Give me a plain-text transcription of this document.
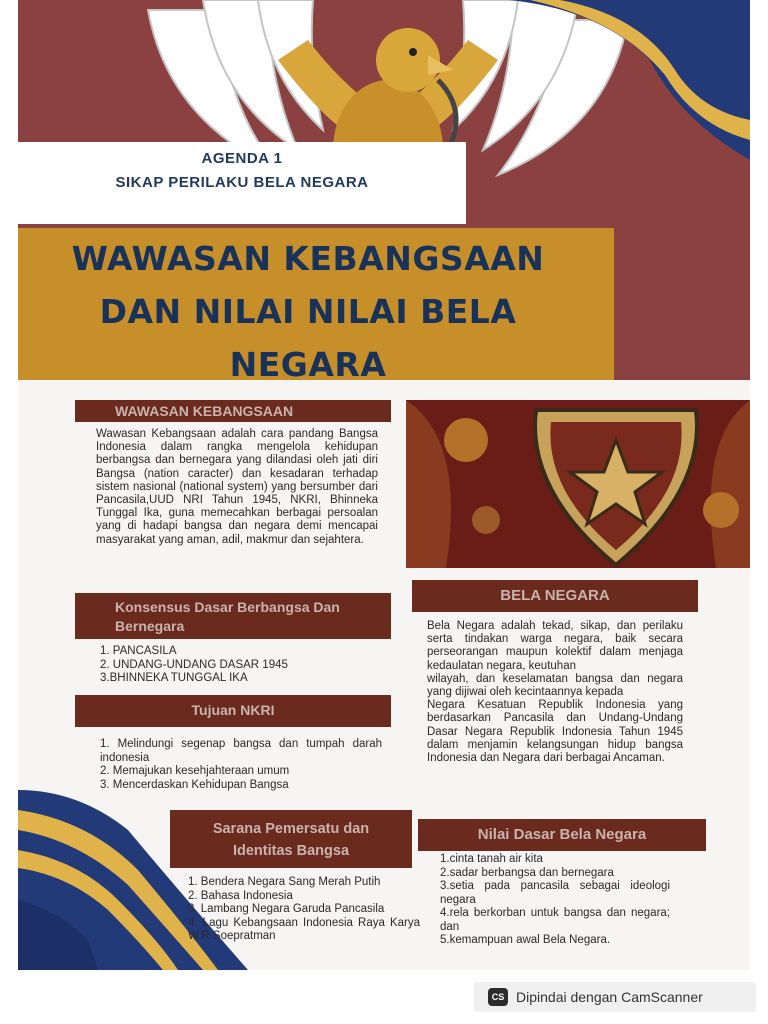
AGENDA 1
SIKAP PERILAKU BELA NEGARA
WAWASAN KEBANGSAAN
DAN NILAI NILAI BELA
NEGARA
WAWASAN KEBANGSAAN
Wawasan Kebangsaan adalah cara pandang Bangsa Indonesia dalam rangka mengelola kehidupan berbangsa dan bernegara yang dilandasi oleh jati diri Bangsa (nation caracter) dan kesadaran terhadap sistem nasional (national system) yang bersumber dari Pancasila,UUD NRI Tahun 1945, NKRI, Bhinneka Tunggal Ika, guna memecahkan berbagai persoalan yang di hadapi bangsa dan negara demi mencapai masyarakat yang aman, adil, makmur dan sejahtera.
Konsensus Dasar Berbangsa Dan
Bernegara
1. PANCASILA
2. UNDANG-UNDANG DASAR 1945
3.BHINNEKA TUNGGAL IKA
Tujuan NKRI
1. Melindungi segenap bangsa dan tumpah darah indonesia
2. Memajukan kesehjahteraan umum
3. Mencerdaskan Kehidupan Bangsa
Sarana Pemersatu dan
Identitas Bangsa
1. Bendera Negara Sang Merah Putih
2. Bahasa Indonesia
3. Lambang Negara Garuda Pancasila
4. Lagu Kebangsaan Indonesia Raya Karya W.R Soepratman
BELA NEGARA
Bela Negara adalah tekad, sikap, dan perilaku serta tindakan warga negara, baik secara perseorangan maupun kolektif dalam menjaga kedaulatan negara, keutuhan
wilayah, dan keselamatan bangsa dan negara yang dijiwai oleh kecintaannya kepada
Negara Kesatuan Republik Indonesia yang berdasarkan Pancasila dan Undang-Undang Dasar Negara Republik Indonesia Tahun 1945 dalam menjamin kelangsungan hidup bangsa Indonesia dan Negara dari berbagai Ancaman.
Nilai Dasar Bela Negara
1.cinta tanah air kita
2.sadar berbangsa dan bernegara
3.setia pada pancasila sebagai ideologi negara
4.rela berkorban untuk bangsa dan negara; dan
5.kemampuan awal Bela Negara.
CS Dipindai dengan CamScanner
